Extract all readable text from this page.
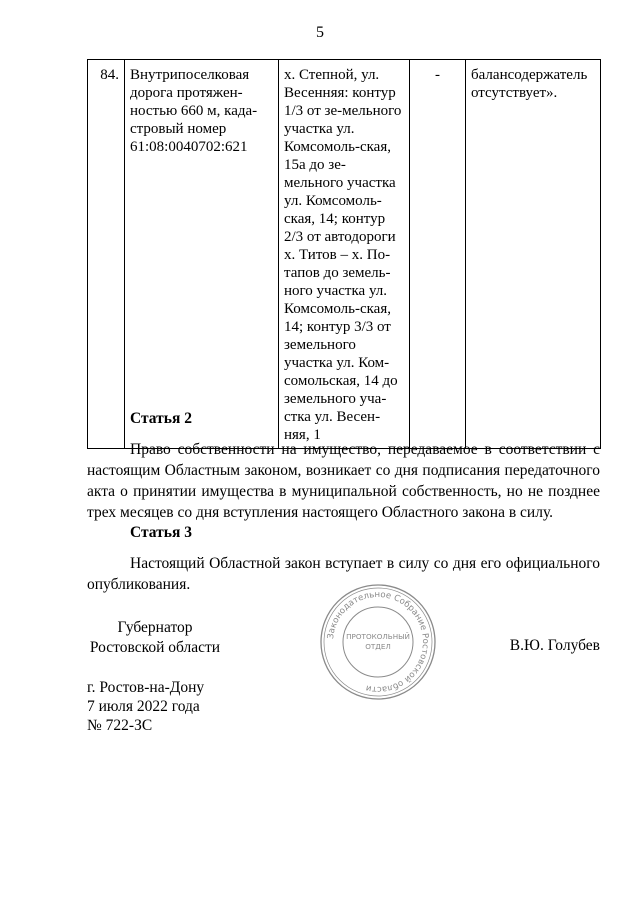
5
84.	Внутрипоселковая дорога протяжен-ностью 660 м, када-стровый номер 61:08:0040702:621	х. Степной, ул. Весенняя: контур 1/3 от зе-мельного участка ул. Комсомоль-ская, 15а до зе-мельного участка ул. Комсомоль-ская, 14; контур 2/3 от автодороги х. Титов – х. По-тапов до земель-ного участка ул. Комсомоль-ская, 14; контур 3/3 от земельного участка ул. Ком-сомольская, 14 до земельного уча-стка ул. Весен-няя, 1	-	балансодержатель отсутствует».
Статья 2
Право собственности на имущество, передаваемое в соответствии с настоящим Областным законом, возникает со дня подписания передаточного акта о принятии имущества в муниципальной собственность, но не позднее трех месяцев со дня вступления настоящего Областного закона в силу.
Статья 3
Настоящий Областной закон вступает в силу со дня его официального опубликования.
Губернатор
Ростовской области
Законодательное Собрание Ростовской области
ПРОТОКОЛЬНЫЙ
ОТДЕЛ	В.Ю. Голубев
г. Ростов-на-Дону
7 июля 2022 года
№ 722-ЗС
